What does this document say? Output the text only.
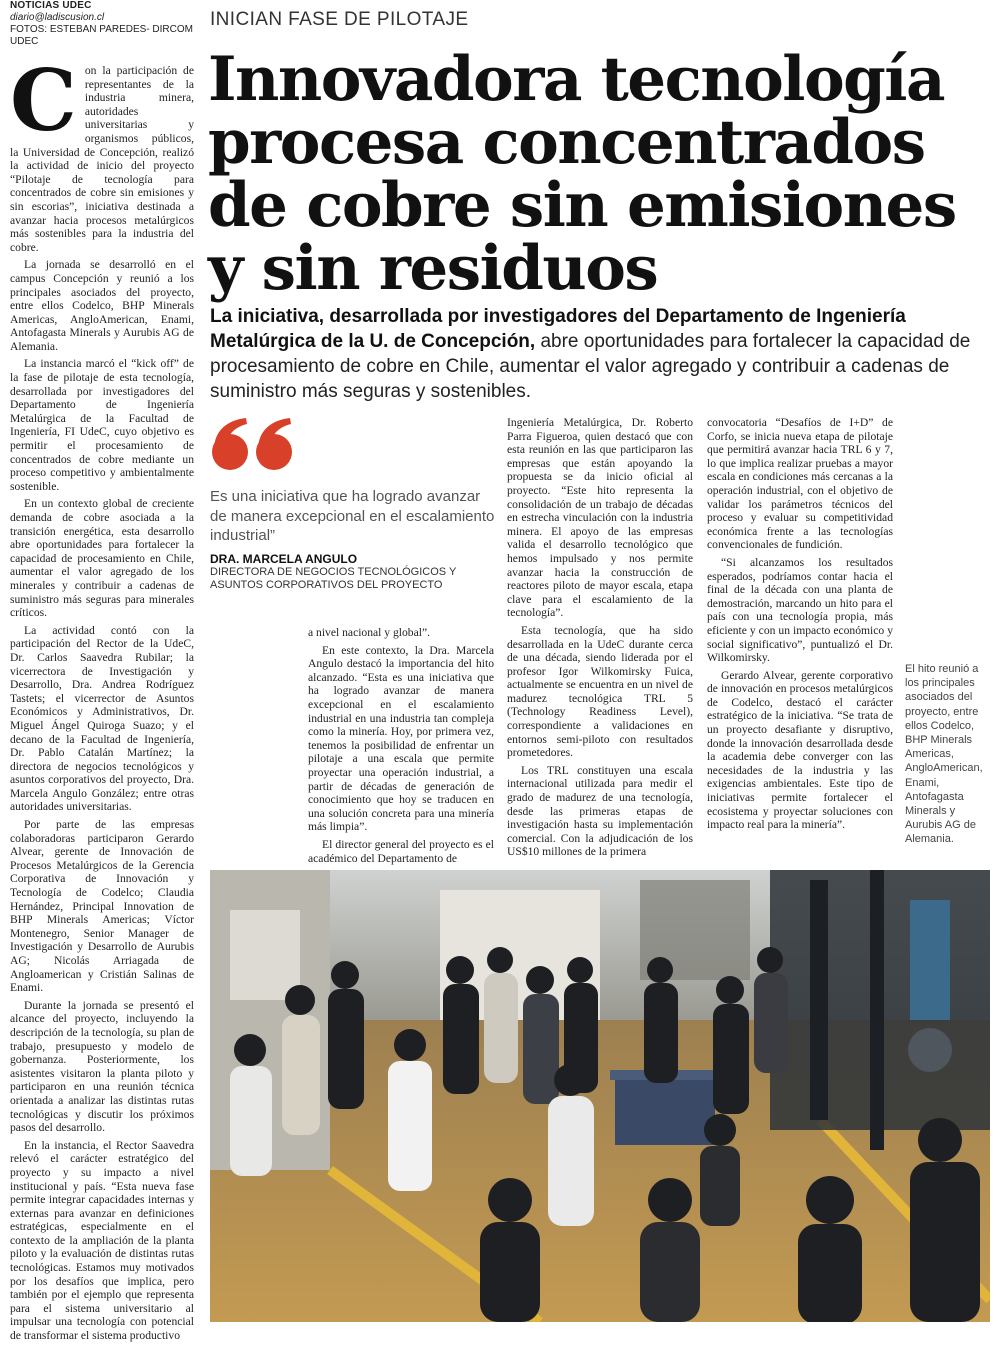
NOTICIAS UDEC
diario@ladiscusion.cl
FOTOS: ESTEBAN PAREDES- DIRCOM UDEC
INICIAN FASE DE PILOTAJE
Innovadora tecnología procesa concentrados de cobre sin emisiones y sin residuos

La iniciativa, desarrollada por investigadores del Departamento de Ingeniería Metalúrgica de la U. de Concepción, abre oportunidades para fortalecer la capacidad de procesamiento de cobre en Chile, aumentar el valor agregado y contribuir a cadenas de suministro más seguras y sostenibles.

Con la participación de representantes de la industria minera, autoridades universitarias y organismos públicos, la Universidad de Concepción, realizó la actividad de inicio del proyecto “Pilotaje de tecnología para concentrados de cobre sin emisiones y sin escorias”, iniciativa destinada a avanzar hacia procesos metalúrgicos más sostenibles para la industria del cobre.

La jornada se desarrolló en el campus Concepción y reunió a los principales asociados del proyecto, entre ellos Codelco, BHP Minerals Americas, AngloAmerican, Enami, Antofagasta Minerals y Aurubis AG de Alemania.

La instancia marcó el “kick off” de la fase de pilotaje de esta tecnología, desarrollada por investigadores del Departamento de Ingeniería Metalúrgica de la Facultad de Ingeniería, FI UdeC, cuyo objetivo es permitir el procesamiento de concentrados de cobre mediante un proceso competitivo y ambientalmente sostenible.

En un contexto global de creciente demanda de cobre asociada a la transición energética, esta desarrollo abre oportunidades para fortalecer la capacidad de procesamiento en Chile, aumentar el valor agregado de los minerales y contribuir a cadenas de suministro más seguras para minerales críticos.

La actividad contó con la participación del Rector de la UdeC, Dr. Carlos Saavedra Rubilar; la vicerrectora de Investigación y Desarrollo, Dra. Andrea Rodríguez Tastets; el vicerrector de Asuntos Económicos y Administrativos, Dr. Miguel Ángel Quiroga Suazo; y el decano de la Facultad de Ingeniería, Dr. Pablo Catalán Martínez; la directora de negocios tecnológicos y asuntos corporativos del proyecto, Dra. Marcela Angulo González; entre otras autoridades universitarias.

Por parte de las empresas colaboradoras participaron Gerardo Alvear, gerente de Innovación de Procesos Metalúrgicos de la Gerencia Corporativa de Innovación y Tecnología de Codelco; Claudia Hernández, Principal Innovation de BHP Minerals Americas; Víctor Montenegro, Senior Manager de Investigación y Desarrollo de Aurubis AG; Nicolás Arriagada de Angloamerican y Cristián Salinas de Enami.

Durante la jornada se presentó el alcance del proyecto, incluyendo la descripción de la tecnología, su plan de trabajo, presupuesto y modelo de gobernanza. Posteriormente, los asistentes visitaron la planta piloto y participaron en una reunión técnica orientada a analizar las distintas rutas tecnológicas y discutir los próximos pasos del desarrollo.

En la instancia, el Rector Saavedra relevó el carácter estratégico del proyecto y su impacto a nivel institucional y país. “Esta nueva fase permite integrar capacidades internas y externas para avanzar en definiciones estratégicas, especialmente en el contexto de la ampliación de la planta piloto y la evaluación de distintas rutas tecnológicas. Estamos muy motivados por los desafíos que implica, pero también por el ejemplo que representa para el sistema universitario al impulsar una tecnología con potencial de transformar el sistema productivo

Es una iniciativa que ha logrado avanzar de manera excepcional en el escalamiento industrial”
DRA. MARCELA ANGULO
DIRECTORA DE NEGOCIOS TECNOLÓGICOS Y ASUNTOS CORPORATIVOS DEL PROYECTO

a nivel nacional y global”.

En este contexto, la Dra. Marcela Angulo destacó la importancia del hito alcanzado. “Esta es una iniciativa que ha logrado avanzar de manera excepcional en el escalamiento industrial en una industria tan compleja como la minería. Hoy, por primera vez, tenemos la posibilidad de enfrentar un pilotaje a una escala que permite proyectar una operación industrial, a partir de décadas de generación de conocimiento que hoy se traducen en una solución concreta para una minería más limpia”.

El director general del proyecto es el académico del Departamento de

Ingeniería Metalúrgica, Dr. Roberto Parra Figueroa, quien destacó que con esta reunión en las que participaron las empresas que están apoyando la propuesta se da inicio oficial al proyecto. “Este hito representa la consolidación de un trabajo de décadas en estrecha vinculación con la industria minera. El apoyo de las empresas valida el desarrollo tecnológico que hemos impulsado y nos permite avanzar hacia la construcción de reactores piloto de mayor escala, etapa clave para el escalamiento de la tecnología”.

Esta tecnología, que ha sido desarrollada en la UdeC durante cerca de una década, siendo liderada por el profesor Igor Wilkomirsky Fuica, actualmente se encuentra en un nivel de madurez tecnológica TRL 5 (Technology Readiness Level), correspondiente a validaciones en entornos semi-piloto con resultados prometedores.

Los TRL constituyen una escala internacional utilizada para medir el grado de madurez de una tecnología, desde las primeras etapas de investigación hasta su implementación comercial. Con la adjudicación de los US$10 millones de la primera

convocatoria “Desafíos de I+D” de Corfo, se inicia nueva etapa de pilotaje que permitirá avanzar hacia TRL 6 y 7, lo que implica realizar pruebas a mayor escala en condiciones más cercanas a la operación industrial, con el objetivo de validar los parámetros técnicos del proceso y evaluar su competitividad económica frente a las tecnologías convencionales de fundición.

“Si alcanzamos los resultados esperados, podríamos contar hacia el final de la década con una planta de demostración, marcando un hito para el país con una tecnología propia, más eficiente y con un impacto económico y social significativo”, puntualizó el Dr. Wilkomirsky.

Gerardo Alvear, gerente corporativo de innovación en procesos metalúrgicos de Codelco, destacó el carácter estratégico de la iniciativa. “Se trata de un proyecto desafiante y disruptivo, donde la innovación desarrollada desde la academia debe converger con las necesidades de la industria y las exigencias ambientales. Este tipo de iniciativas permite fortalecer el ecosistema y proyectar soluciones con impacto real para la minería”.

El hito reunió a los principales asociados del proyecto, entre ellos Codelco, BHP Minerals Americas, AngloAmerican, Enami, Antofagasta Minerals y Aurubis AG de Alemania.
